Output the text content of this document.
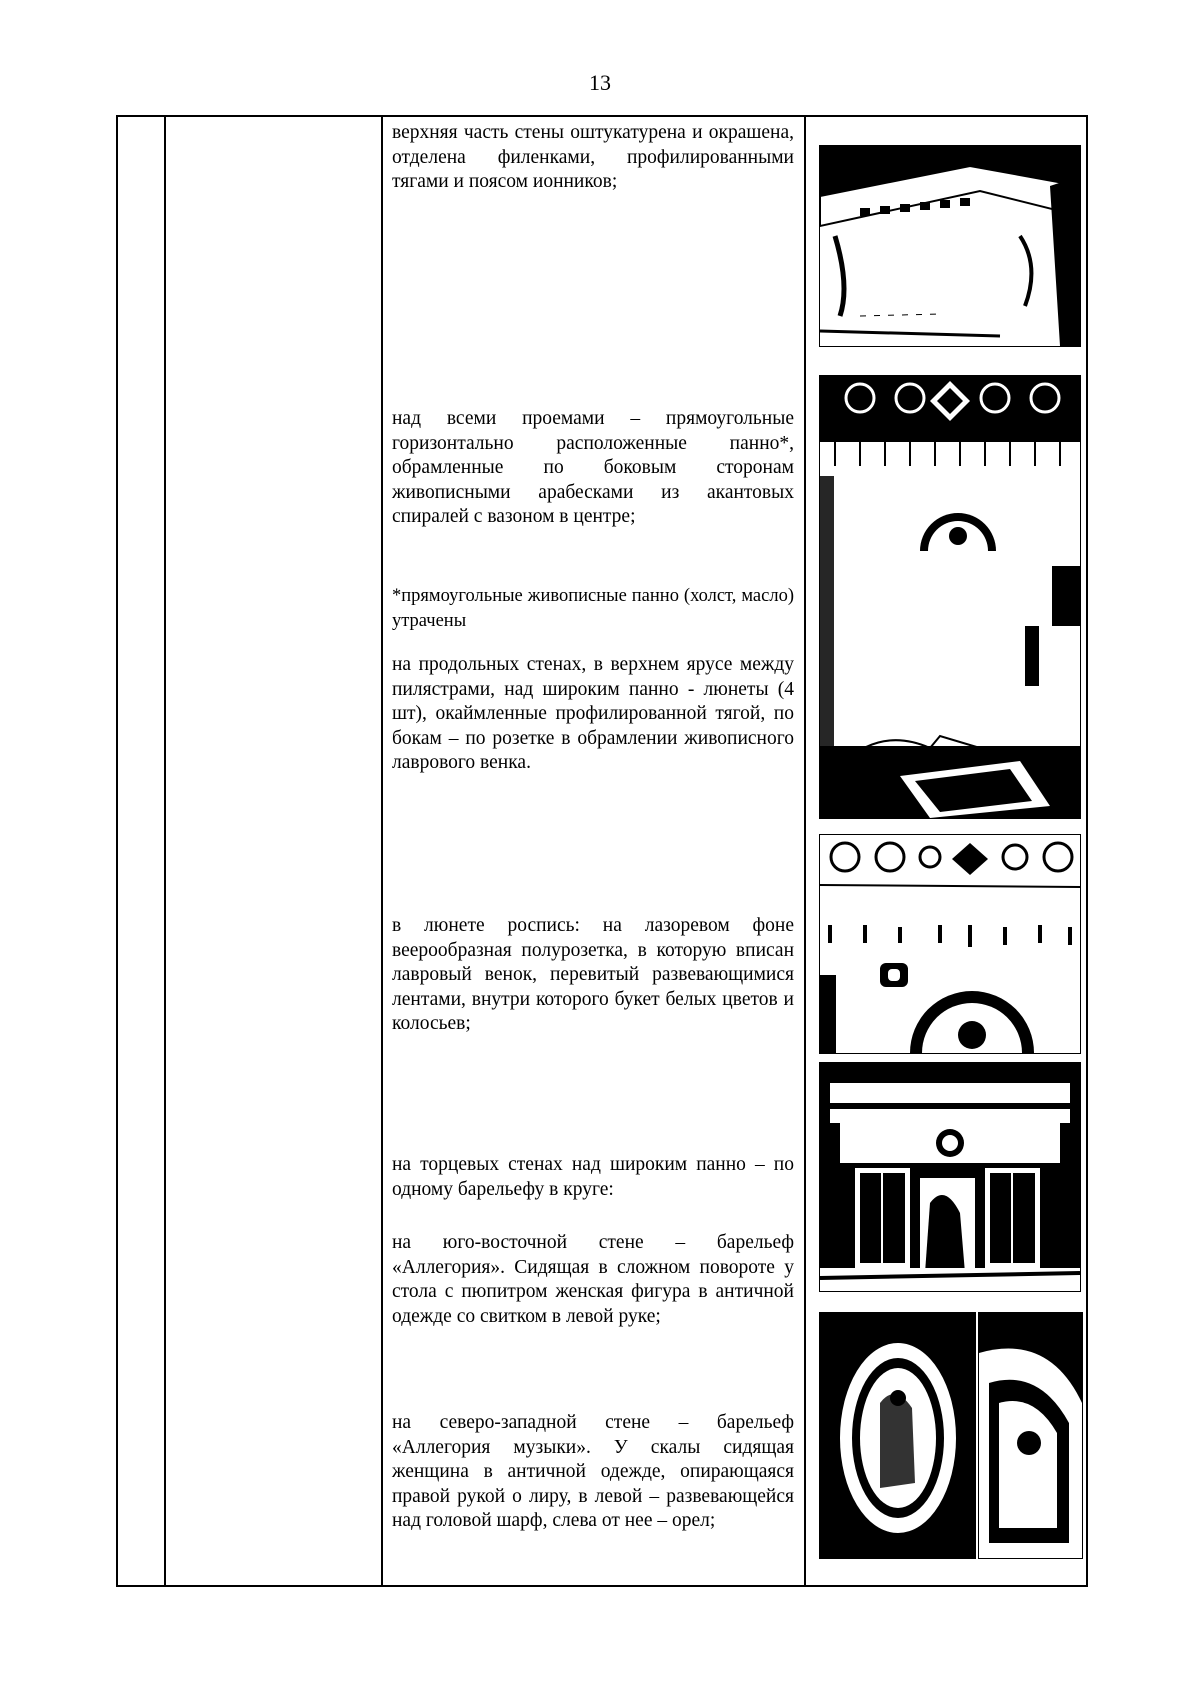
13
верхняя часть стены оштукатурена и окрашена, отделена филенками, профилированными тягами и поясом ионников;
над всеми проемами – прямоугольные горизонтально расположенные панно*, обрамленные по боковым сторонам живописными арабесками из акантовых спиралей с вазоном в центре;
*прямоугольные живописные панно (холст, масло) утрачены
на продольных стенах, в верхнем ярусе между пилястрами, над широким панно - люнеты (4 шт), окаймленные профилированной тягой, по бокам – по розетке в обрамлении живописного лаврового венка.
в люнете роспись: на лазоревом фоне веерообразная полурозетка, в которую вписан лавровый венок, перевитый развевающимися лентами, внутри которого букет белых цветов и колосьев;
на торцевых стенах над широким панно – по одному барельефу в круге:
на юго-восточной стене – барельеф «Аллегория». Сидящая в сложном повороте у стола с пюпитром женская фигура в античной одежде со свитком в левой руке;
на северо-западной стене – барельеф «Аллегория музыки». У скалы сидящая женщина в античной одежде, опирающаяся правой рукой о лиру, в левой – развевающейся над головой шарф, слева от нее – орел;
